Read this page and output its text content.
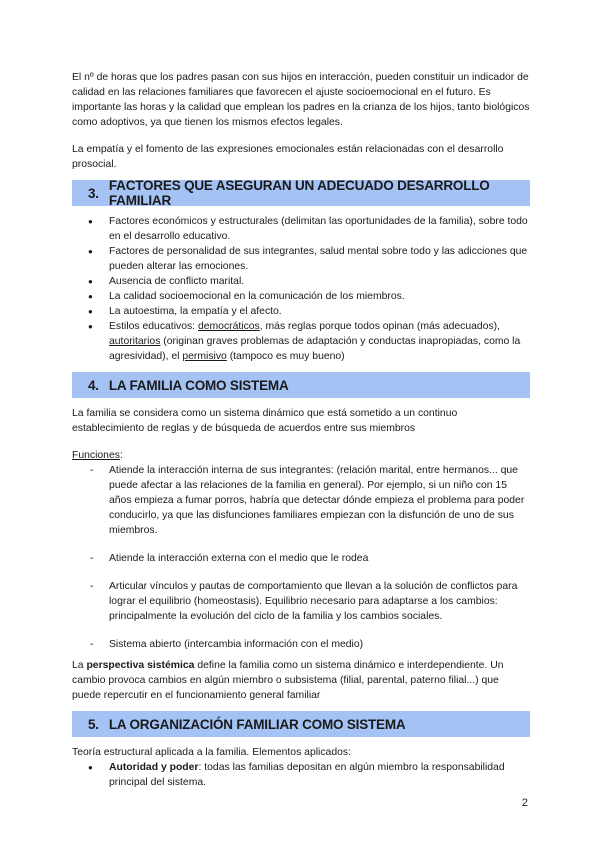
El nº de horas que los padres pasan con sus hijos en interacción, pueden constituir un indicador de calidad en las relaciones familiares que favorecen el ajuste socioemocional en el futuro. Es importante las horas y la calidad que emplean los padres en la crianza de los hijos, tanto biológicos como adoptivos, ya que tienen los mismos efectos legales.

La empatía y el fomento de las expresiones emocionales están relacionadas con el desarrollo prosocial.

3. FACTORES QUE ASEGURAN UN ADECUADO DESARROLLO FAMILIAR
● Factores económicos y estructurales (delimitan las oportunidades de la familia), sobre todo en el desarrollo educativo.
● Factores de personalidad de sus integrantes, salud mental sobre todo y las adicciones que pueden alterar las emociones.
● Ausencia de conflicto marital.
● La calidad socioemocional en la comunicación de los miembros.
● La autoestima, la empatía y el afecto.
● Estilos educativos: democráticos, más reglas porque todos opinan (más adecuados), autoritarios (originan graves problemas de adaptación y conductas inapropiadas, como la agresividad), el permisivo (tampoco es muy bueno)
4. LA FAMILIA COMO SISTEMA

La familia se considera como un sistema dinámico que está sometido a un continuo establecimiento de reglas y de búsqueda de acuerdos entre sus miembros

Funciones:

- Atiende la interacción interna de sus integrantes: (relación marital, entre hermanos... que puede afectar a las relaciones de la familia en general). Por ejemplo, si un niño con 15 años empieza a fumar porros, habría que detectar dónde empieza el problema para poder conducirlo, ya que las disfunciones familiares empiezan con la disfunción de uno de sus miembros.
- Atiende la interacción externa con el medio que le rodea
- Articular vínculos y pautas de comportamiento que llevan a la solución de conflictos para lograr el equilibrio (homeostasis). Equilibrio necesario para adaptarse a los cambios: principalmente la evolución del ciclo de la familia y los cambios sociales.
- Sistema abierto (intercambia información con el medio)

La perspectiva sistémica define la familia como un sistema dinámico e interdependiente. Un cambio provoca cambios en algún miembro o subsistema (filial, parental, paterno filial...) que puede repercutir en el funcionamiento general familiar

5. LA ORGANIZACIÓN FAMILIAR COMO SISTEMA

Teoría estructural aplicada a la familia. Elementos aplicados:

● Autoridad y poder: todas las familias depositan en algún miembro la responsabilidad principal del sistema.
2
